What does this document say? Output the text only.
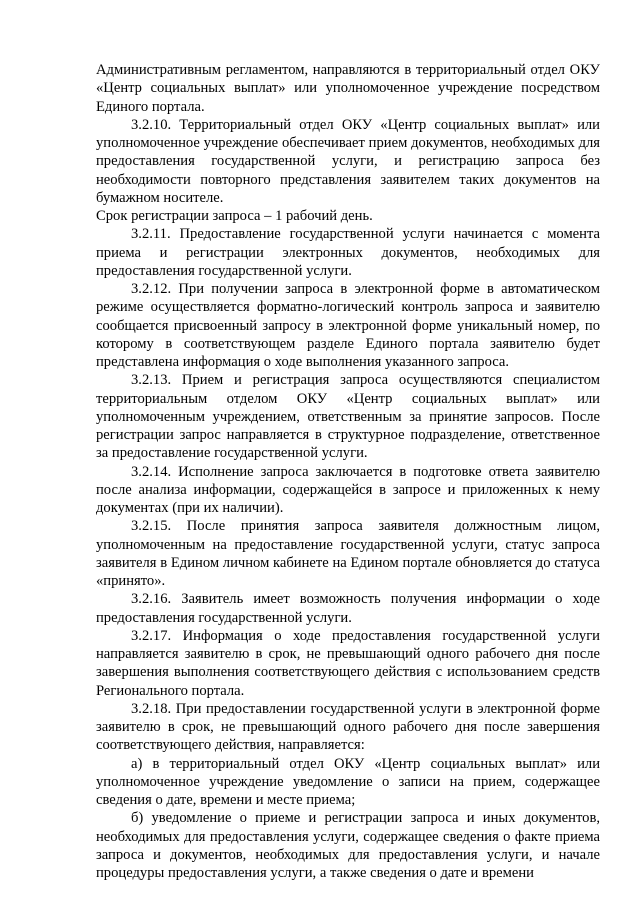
Административным регламентом, направляются в территориальный отдел ОКУ «Центр социальных выплат» или уполномоченное учреждение посредством Единого портала.

3.2.10. Территориальный отдел ОКУ «Центр социальных выплат» или уполномоченное учреждение обеспечивает прием документов, необходимых для предоставления государственной услуги, и регистрацию запроса без необходимости повторного представления заявителем таких документов на бумажном носителе.

Срок регистрации запроса – 1 рабочий день.

3.2.11. Предоставление государственной услуги начинается с момента приема и регистрации электронных документов, необходимых для предоставления государственной услуги.

3.2.12. При получении запроса в электронной форме в автоматическом режиме осуществляется форматно-логический контроль запроса и заявителю сообщается присвоенный запросу в электронной форме уникальный номер, по которому в соответствующем разделе Единого портала заявителю будет представлена информация о ходе выполнения указанного запроса.

3.2.13. Прием и регистрация запроса осуществляются специалистом территориальным отделом ОКУ «Центр социальных выплат» или уполномоченным учреждением, ответственным за принятие запросов. После регистрации запрос направляется в структурное подразделение, ответственное за предоставление государственной услуги.

3.2.14. Исполнение запроса заключается в подготовке ответа заявителю после анализа информации, содержащейся в запросе и приложенных к нему документах (при их наличии).

3.2.15. После принятия запроса заявителя должностным лицом, уполномоченным на предоставление государственной услуги, статус запроса заявителя в Едином личном кабинете на Едином портале обновляется до статуса «принято».

3.2.16. Заявитель имеет возможность получения информации о ходе предоставления государственной услуги.

3.2.17. Информация о ходе предоставления государственной услуги направляется заявителю в срок, не превышающий одного рабочего дня после завершения выполнения соответствующего действия с использованием средств Регионального портала.

3.2.18. При предоставлении государственной услуги в электронной форме заявителю в срок, не превышающий одного рабочего дня после завершения соответствующего действия, направляется:

а) в территориальный отдел ОКУ «Центр социальных выплат» или уполномоченное учреждение уведомление о записи на прием, содержащее сведения о дате, времени и месте приема;

б) уведомление о приеме и регистрации запроса и иных документов, необходимых для предоставления услуги, содержащее сведения о факте приема запроса и документов, необходимых для предоставления услуги, и начале процедуры предоставления услуги, а также сведения о дате и времени
